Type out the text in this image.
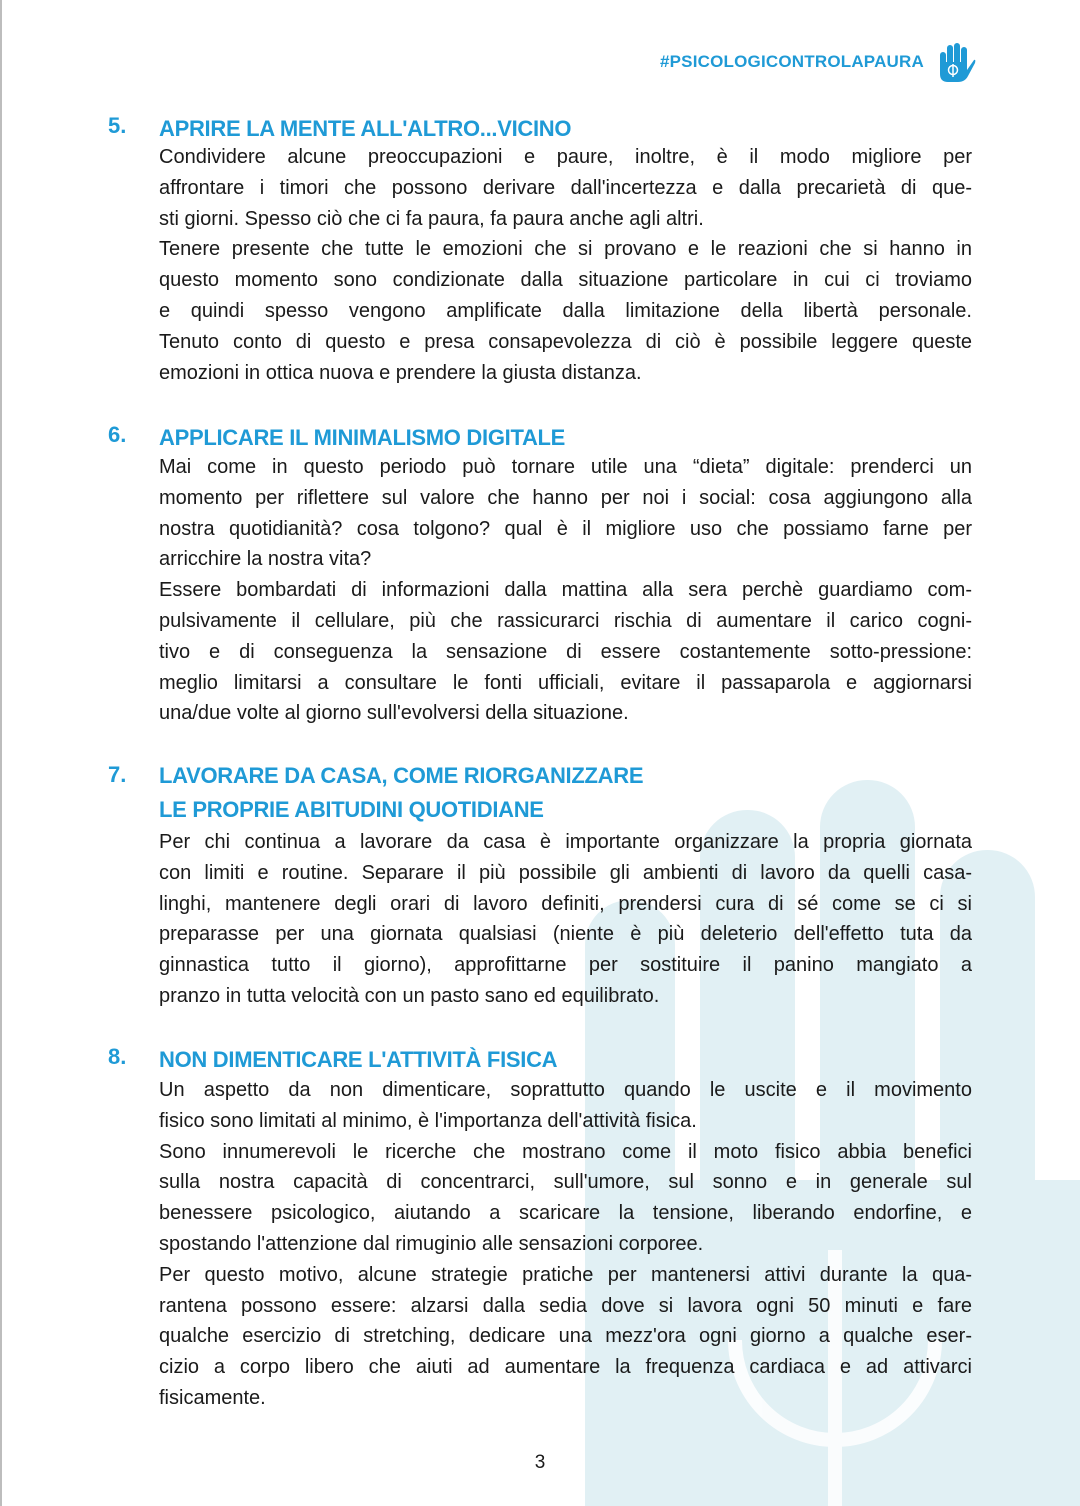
#PSICOLOGICONTROLAPAURA
5. APRIRE LA MENTE ALL'ALTRO...VICINO
Condividere alcune preoccupazioni e paure, inoltre, è il modo migliore per
affrontare i timori che possono derivare dall'incertezza e dalla precarietà di que-
sti giorni. Spesso ciò che ci fa paura, fa paura anche agli altri.
Tenere presente che tutte le emozioni che si provano e le reazioni che si hanno in
questo momento sono condizionate dalla situazione particolare in cui ci troviamo
e quindi spesso vengono amplificate dalla limitazione della libertà personale.
Tenuto conto di questo e presa consapevolezza di ciò è possibile leggere queste
emozioni in ottica nuova e prendere la giusta distanza.
6. APPLICARE IL MINIMALISMO DIGITALE
Mai come in questo periodo può tornare utile una “dieta” digitale: prenderci un
momento per riflettere sul valore che hanno per noi i social: cosa aggiungono alla
nostra quotidianità? cosa tolgono? qual è il migliore uso che possiamo farne per
arricchire la nostra vita?
Essere bombardati di informazioni dalla mattina alla sera perchè guardiamo com-
pulsivamente il cellulare, più che rassicurarci rischia di aumentare il carico cogni-
tivo e di conseguenza la sensazione di essere costantemente sotto-pressione:
meglio limitarsi a consultare le fonti ufficiali, evitare il passaparola e aggiornarsi
una/due volte al giorno sull'evolversi della situazione.
7. LAVORARE DA CASA, COME RIORGANIZZARE
LE PROPRIE ABITUDINI QUOTIDIANE
Per chi continua a lavorare da casa è importante organizzare la propria giornata
con limiti e routine. Separare il più possibile gli ambienti di lavoro da quelli casa-
linghi, mantenere degli orari di lavoro definiti, prendersi cura di sé come se ci si
preparasse per una giornata qualsiasi (niente è più deleterio dell'effetto tuta da
ginnastica tutto il giorno), approfittarne per sostituire il panino mangiato a
pranzo in tutta velocità con un pasto sano ed equilibrato.
8. NON DIMENTICARE L'ATTIVITÀ FISICA
Un aspetto da non dimenticare, soprattutto quando le uscite e il movimento
fisico sono limitati al minimo, è l'importanza dell'attività fisica.
Sono innumerevoli le ricerche che mostrano come il moto fisico abbia benefici
sulla nostra capacità di concentrarci, sull'umore, sul sonno e in generale sul
benessere psicologico, aiutando a scaricare la tensione, liberando endorfine, e
spostando l'attenzione dal rimuginio alle sensazioni corporee.
Per questo motivo, alcune strategie pratiche per mantenersi attivi durante la qua-
rantena possono essere: alzarsi dalla sedia dove si lavora ogni 50 minuti e fare
qualche esercizio di stretching, dedicare una mezz'ora ogni giorno a qualche eser-
cizio a corpo libero che aiuti ad aumentare la frequenza cardiaca e ad attivarci
fisicamente.
3
